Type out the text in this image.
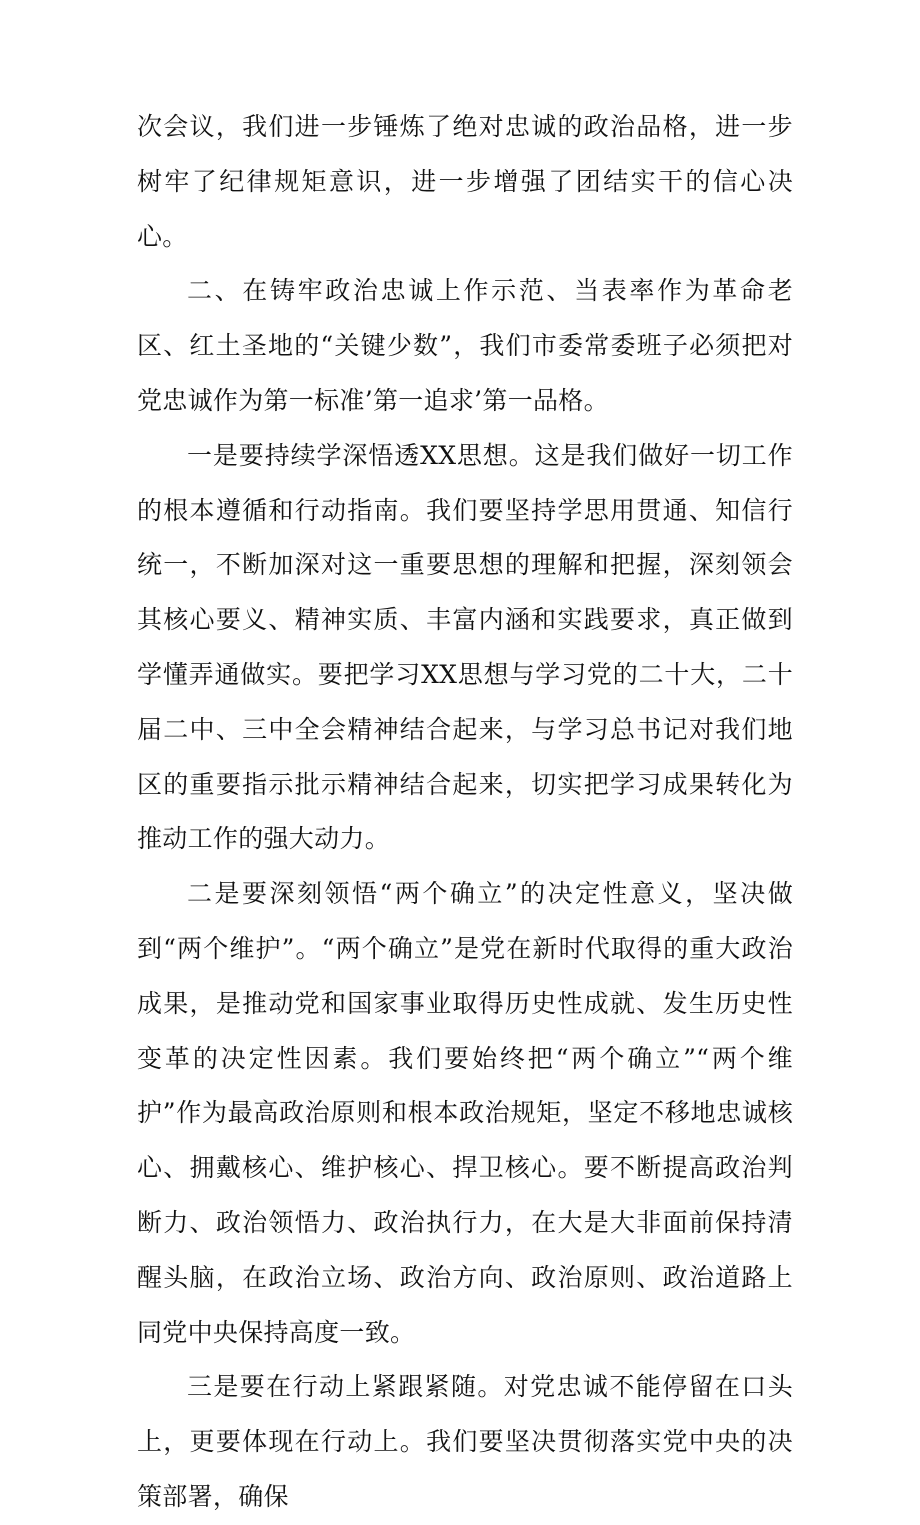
次会议，我们进一步锤炼了绝对忠诚的政治品格，进一步树牢了纪律规矩意识，进一步增强了团结实干的信心决心。

二、在铸牢政治忠诚上作示范、当表率作为革命老区、红土圣地的“关键少数”，我们市委常委班子必须把对党忠诚作为第一标准’第一追求’第一品格。

一是要持续学深悟透XX思想。这是我们做好一切工作的根本遵循和行动指南。我们要坚持学思用贯通、知信行统一，不断加深对这一重要思想的理解和把握，深刻领会其核心要义、精神实质、丰富内涵和实践要求，真正做到学懂弄通做实。要把学习XX思想与学习党的二十大，二十届二中、三中全会精神结合起来，与学习总书记对我们地区的重要指示批示精神结合起来，切实把学习成果转化为推动工作的强大动力。

二是要深刻领悟“两个确立”的决定性意义，坚决做到“两个维护”。“两个确立”是党在新时代取得的重大政治成果，是推动党和国家事业取得历史性成就、发生历史性变革的决定性因素。我们要始终把“两个确立”“两个维护”作为最高政治原则和根本政治规矩，坚定不移地忠诚核心、拥戴核心、维护核心、捍卫核心。要不断提高政治判断力、政治领悟力、政治执行力，在大是大非面前保持清醒头脑，在政治立场、政治方向、政治原则、政治道路上同党中央保持高度一致。

三是要在行动上紧跟紧随。对党忠诚不能停留在口头上，更要体现在行动上。我们要坚决贯彻落实党中央的决策部署，确保
